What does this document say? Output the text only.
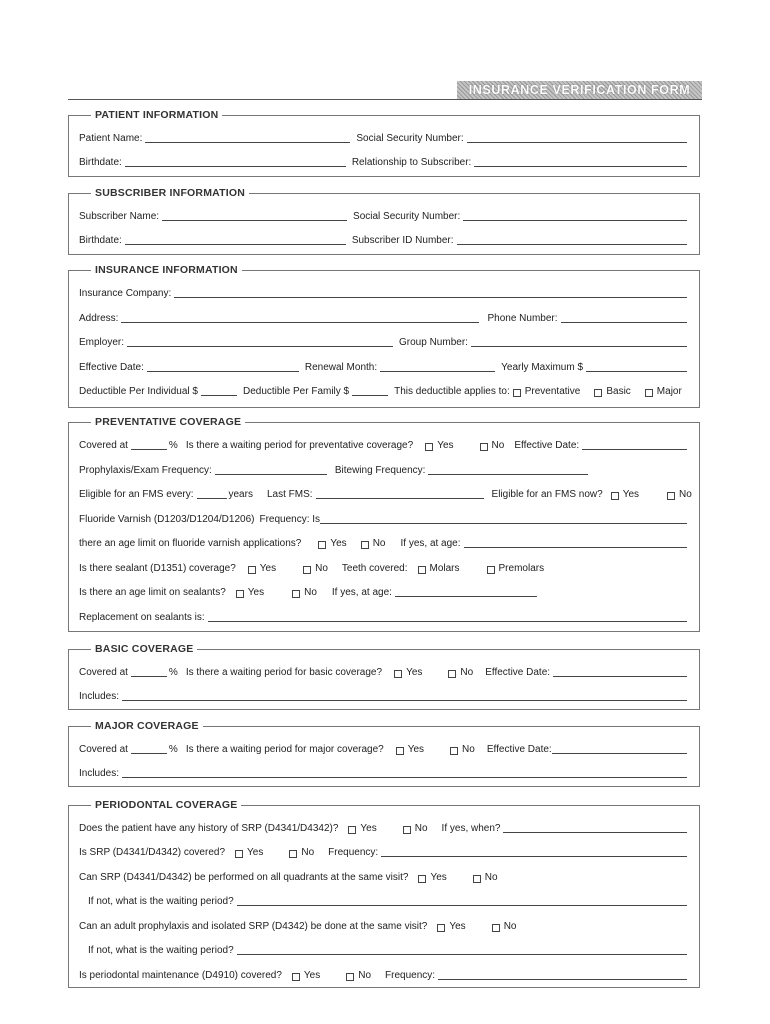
INSURANCE VERIFICATION FORM
PATIENT INFORMATION
Patient Name:	Social Security Number:
Birthdate:	Relationship to Subscriber:
SUBSCRIBER INFORMATION
Subscriber Name:	Social Security Number:
Birthdate:	Subscriber ID Number:
INSURANCE INFORMATION
Insurance Company:
Address:	Phone Number:
Employer:	Group Number:
Effective Date:	Renewal Month:	Yearly Maximum $
Deductible Per Individual $	Deductible Per Family $	This deductible applies to: Preventative	Basic	Major
PREVENTATIVE COVERAGE
Covered at	% Is there a waiting period for preventative coverage? Yes	No Effective Date:
Prophylaxis/Exam Frequency:	Bitewing Frequency:
Eligible for an FMS every:	years Last FMS:	Eligible for an FMS now? Yes	No
Fluoride Varnish (D1203/D1204/D1206) Frequency: Is
there an age limit on fluoride varnish applications?	Yes	No If yes, at age:
Is there sealant (D1351) coverage? Yes	No Teeth covered: Molars	Premolars
Is there an age limit on sealants? Yes	No If yes, at age:
Replacement on sealants is:
BASIC COVERAGE
Covered at	% Is there a waiting period for basic coverage? Yes	No Effective Date:
Includes:
MAJOR COVERAGE
Covered at	% Is there a waiting period for major coverage? Yes	No Effective Date:
Includes:
PERIODONTAL COVERAGE
Does the patient have any history of SRP (D4341/D4342)? Yes	No If yes, when?
Is SRP (D4341/D4342) covered? Yes	No Frequency:
Can SRP (D4341/D4342) be performed on all quadrants at the same visit? Yes	No
If not, what is the waiting period?
Can an adult prophylaxis and isolated SRP (D4342) be done at the same visit? Yes	No
If not, what is the waiting period?
Is periodontal maintenance (D4910) covered? Yes	No Frequency:
